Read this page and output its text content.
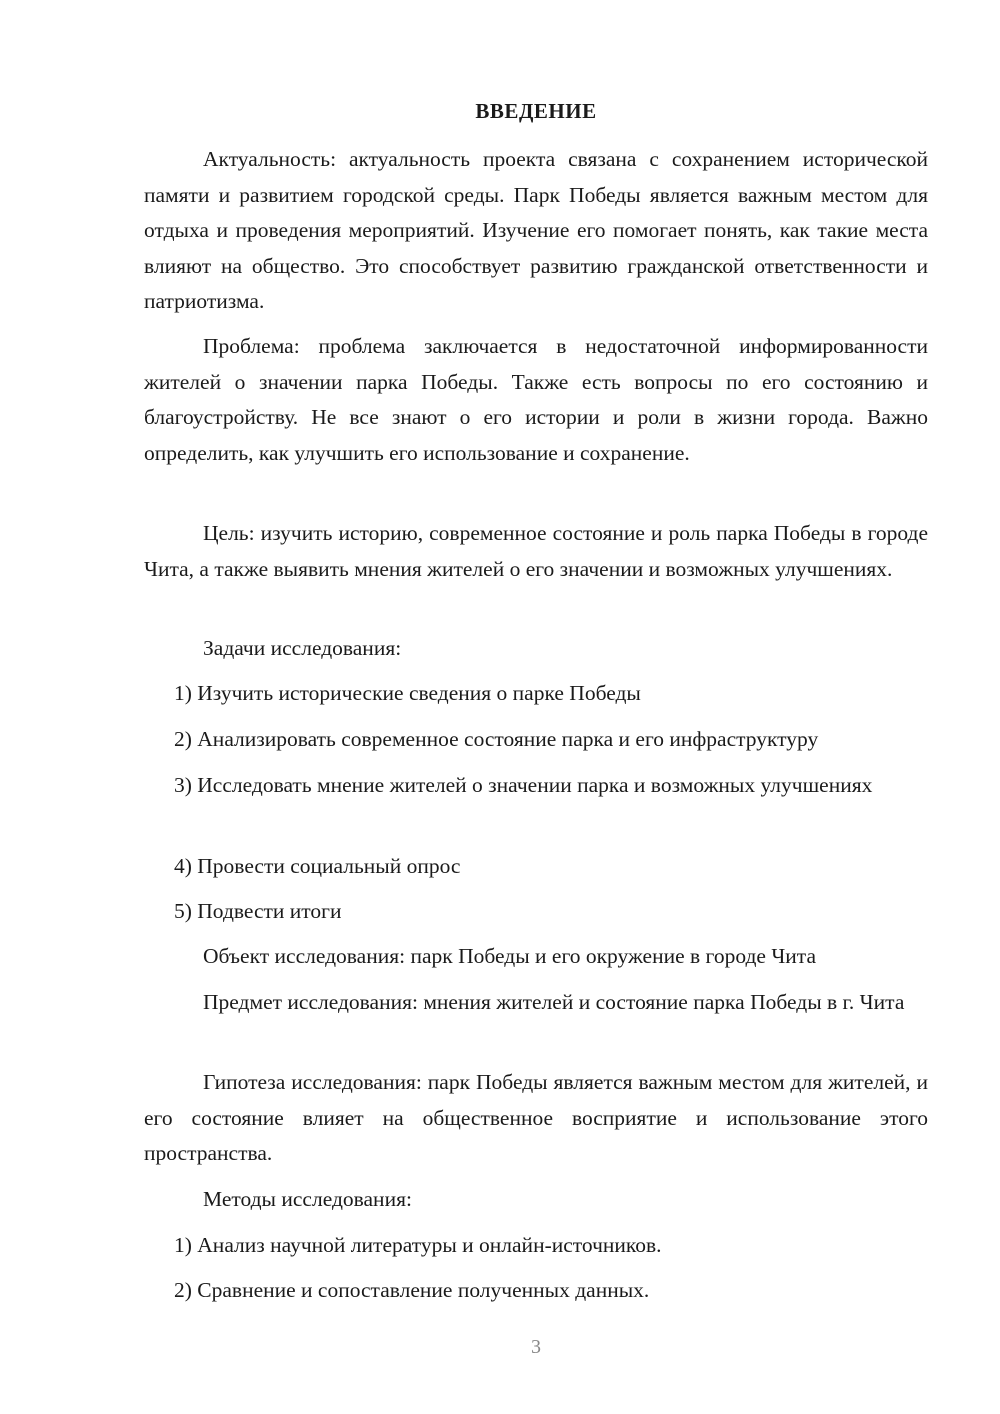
ВВЕДЕНИЕ

Актуальность: актуальность проекта связана с сохранением исторической памяти и развитием городской среды. Парк Победы является важным местом для отдыха и проведения мероприятий. Изучение его помогает понять, как такие места влияют на общество. Это способствует развитию гражданской ответственности и патриотизма.

Проблема: проблема заключается в недостаточной информированности жителей о значении парка Победы. Также есть вопросы по его состоянию и благоустройству. Не все знают о его истории и роли в жизни города. Важно определить, как улучшить его использование и сохранение.

Цель: изучить историю, современное состояние и роль парка Победы в городе Чита, а также выявить мнения жителей о его значении и возможных улучшениях.

Задачи исследования:

1) Изучить исторические сведения о парке Победы

2) Анализировать современное состояние парка и его инфраструктуру

3) Исследовать мнение жителей о значении парка и возможных улучшениях

4) Провести социальный опрос

5) Подвести итоги

Объект исследования: парк Победы и его окружение в городе Чита

Предмет исследования: мнения жителей и состояние парка Победы в г. Чита

Гипотеза исследования: парк Победы является важным местом для жителей, и его состояние влияет на общественное восприятие и использование этого пространства.

Методы исследования:

1) Анализ научной литературы и онлайн-источников.

2) Сравнение и сопоставление полученных данных.

3
